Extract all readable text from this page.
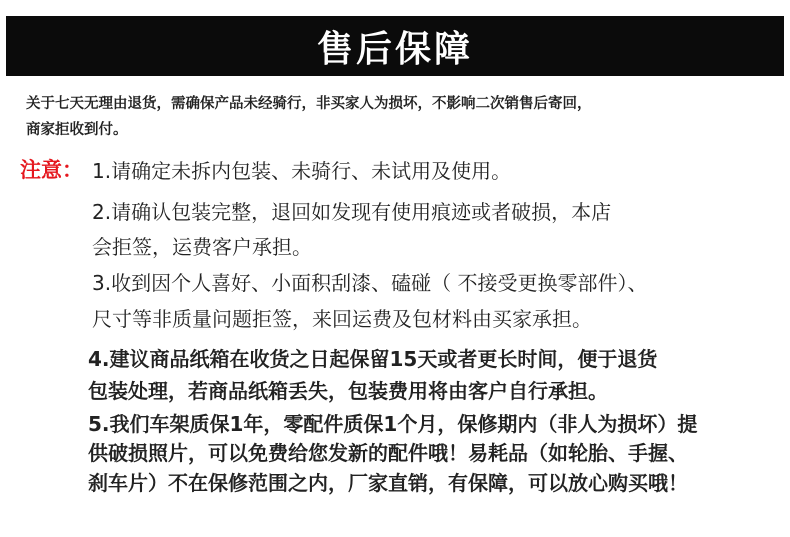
售后保障
关于七天无理由退货，需确保产品未经骑行，非买家人为损坏，不影响二次销售后寄回，
商家拒收到付。
注意： 1.请确定未拆内包装、未骑行、未试用及使用。
2.请确认包装完整，退回如发现有使用痕迹或者破损，本店
会拒签，运费客户承担。
3.收到因个人喜好、小面积刮漆、磕碰（ 不接受更换零部件）、
尺寸等非质量问题拒签，来回运费及包材料由买家承担。
4.建议商品纸箱在收货之日起保留15天或者更长时间，便于退货
包装处理，若商品纸箱丢失，包装费用将由客户自行承担。
5.我们车架质保1年，零配件质保1个月，保修期内（非人为损坏）提
供破损照片，可以免费给您发新的配件哦！易耗品（如轮胎、手握、
刹车片）不在保修范围之内，厂家直销，有保障，可以放心购买哦！
